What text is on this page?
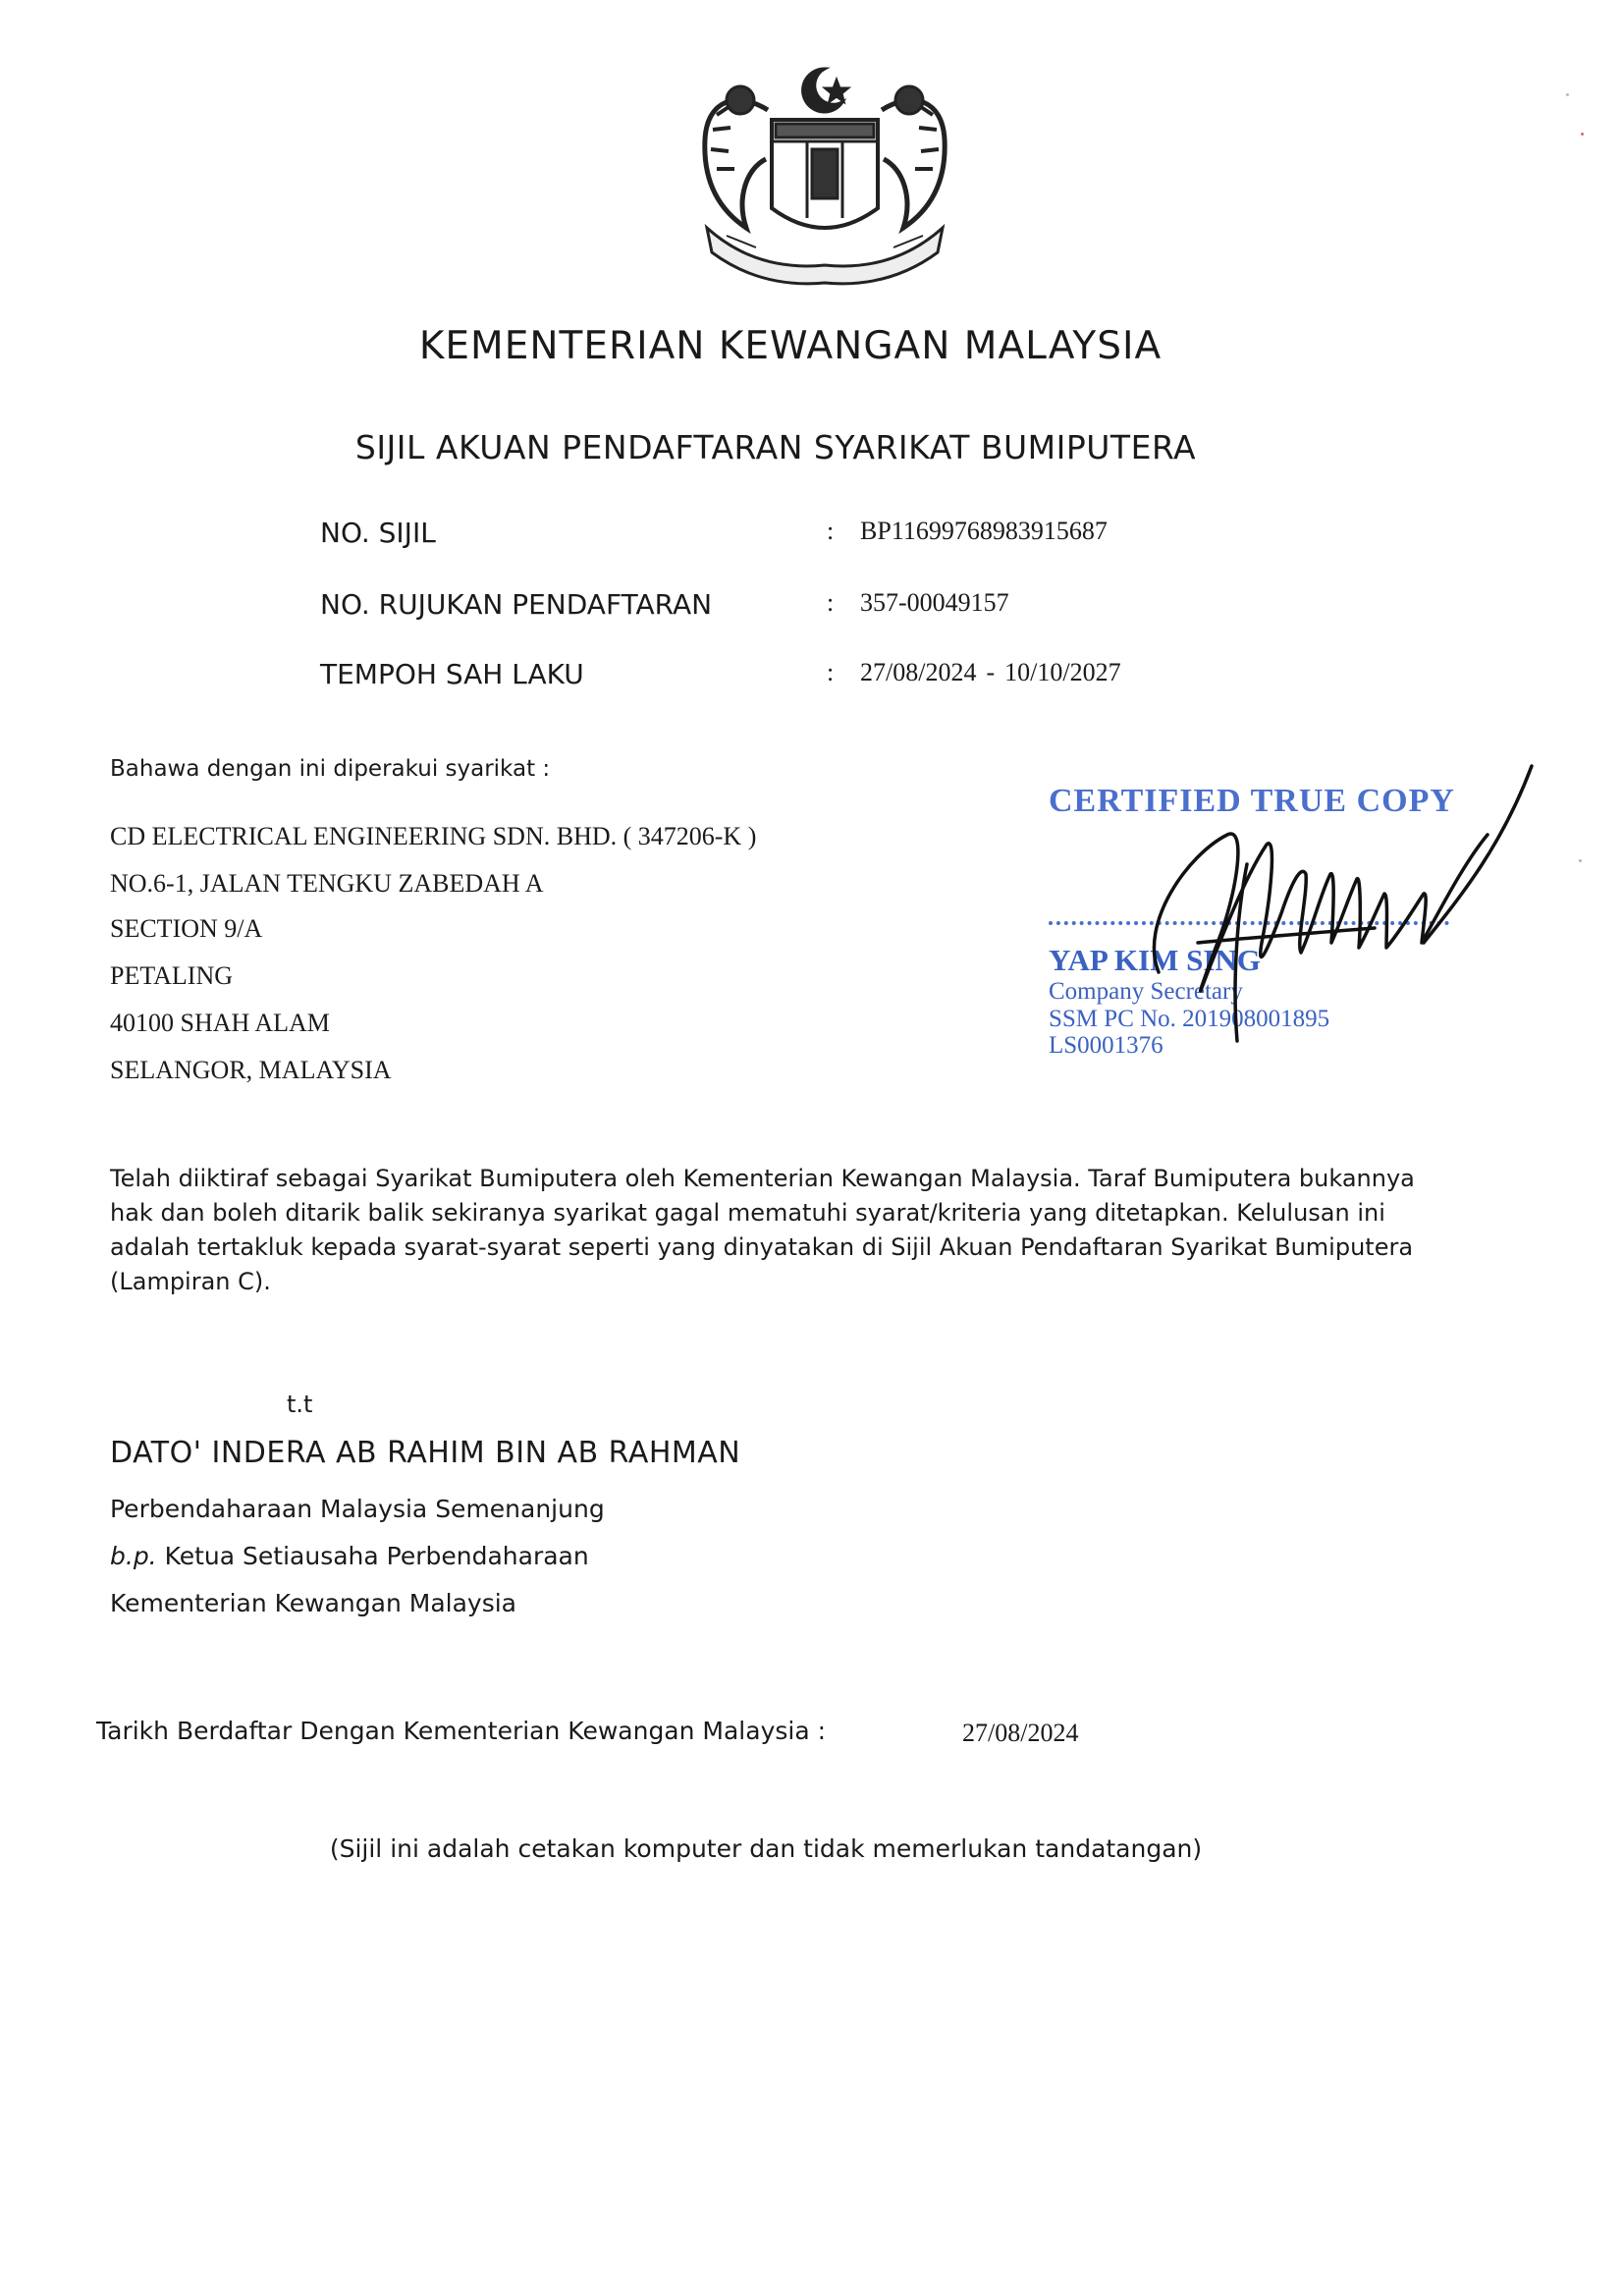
KEMENTERIAN KEWANGAN MALAYSIA
SIJIL AKUAN PENDAFTARAN SYARIKAT BUMIPUTERA
NO. SIJIL	: BP11699768983915687
NO. RUJUKAN PENDAFTARAN	: 357-00049157
TEMPOH SAH LAKU	: 27/08/2024 - 10/10/2027
Bahawa dengan ini diperakui syarikat :
CD ELECTRICAL ENGINEERING SDN. BHD. ( 347206-K )
NO.6-1, JALAN TENGKU ZABEDAH A
SECTION 9/A
PETALING
40100 SHAH ALAM
SELANGOR, MALAYSIA
CERTIFIED TRUE COPY
YAP KIM SING
Company Secretary
SSM PC No. 201908001895
LS0001376
Telah diiktiraf sebagai Syarikat Bumiputera oleh Kementerian Kewangan Malaysia. Taraf Bumiputera bukannya hak dan boleh ditarik balik sekiranya syarikat gagal mematuhi syarat/kriteria yang ditetapkan. Kelulusan ini adalah tertakluk kepada syarat-syarat seperti yang dinyatakan di Sijil Akuan Pendaftaran Syarikat Bumiputera (Lampiran C).
t.t
DATO' INDERA AB RAHIM BIN AB RAHMAN
Perbendaharaan Malaysia Semenanjung
b.p. Ketua Setiausaha Perbendaharaan
Kementerian Kewangan Malaysia
Tarikh Berdaftar Dengan Kementerian Kewangan Malaysia :	27/08/2024
(Sijil ini adalah cetakan komputer dan tidak memerlukan tandatangan)
